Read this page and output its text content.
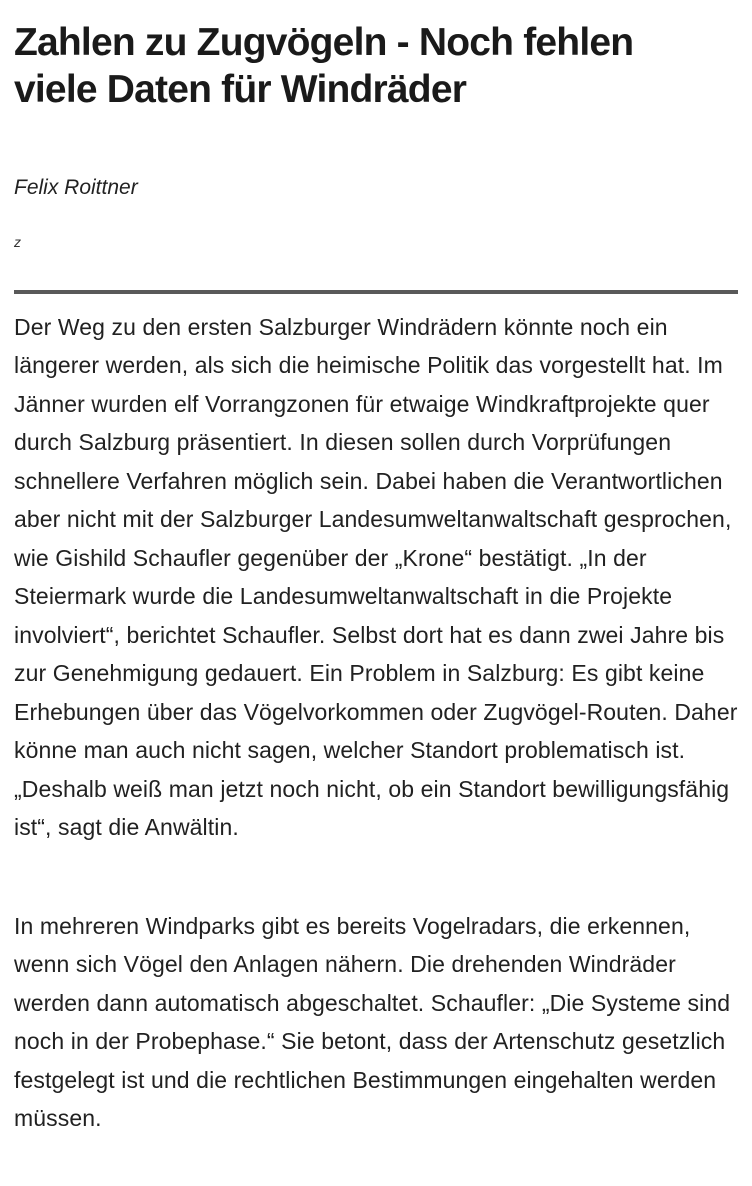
Zahlen zu Zugvögeln - Noch fehlen viele Daten für Windräder
Felix Roittner
z

Der Weg zu den ersten Salzburger Windrädern könnte noch ein längerer werden, als sich die heimische Politik das vorgestellt hat. Im Jänner wurden elf Vorrangzonen für etwaige Windkraftprojekte quer durch Salzburg präsentiert. In diesen sollen durch Vorprüfungen schnellere Verfahren möglich sein. Dabei haben die Verantwortlichen aber nicht mit der Salzburger Landesumweltanwaltschaft gesprochen, wie Gishild Schaufler gegenüber der „Krone“ bestätigt. „In der Steiermark wurde die Landesumweltanwaltschaft in die Projekte involviert“, berichtet Schaufler. Selbst dort hat es dann zwei Jahre bis zur Genehmigung gedauert. Ein Problem in Salzburg: Es gibt keine Erhebungen über das Vögelvorkommen oder Zugvögel-Routen. Daher könne man auch nicht sagen, welcher Standort problematisch ist. „Deshalb weiß man jetzt noch nicht, ob ein Standort bewilligungsfähig ist“, sagt die Anwältin.

In mehreren Windparks gibt es bereits Vogelradars, die erkennen, wenn sich Vögel den Anlagen nähern. Die drehenden Windräder werden dann automatisch abgeschaltet. Schaufler: „Die Systeme sind noch in der Probephase.“ Sie betont, dass der Artenschutz gesetzlich festgelegt ist und die rechtlichen Bestimmungen eingehalten werden müssen.
